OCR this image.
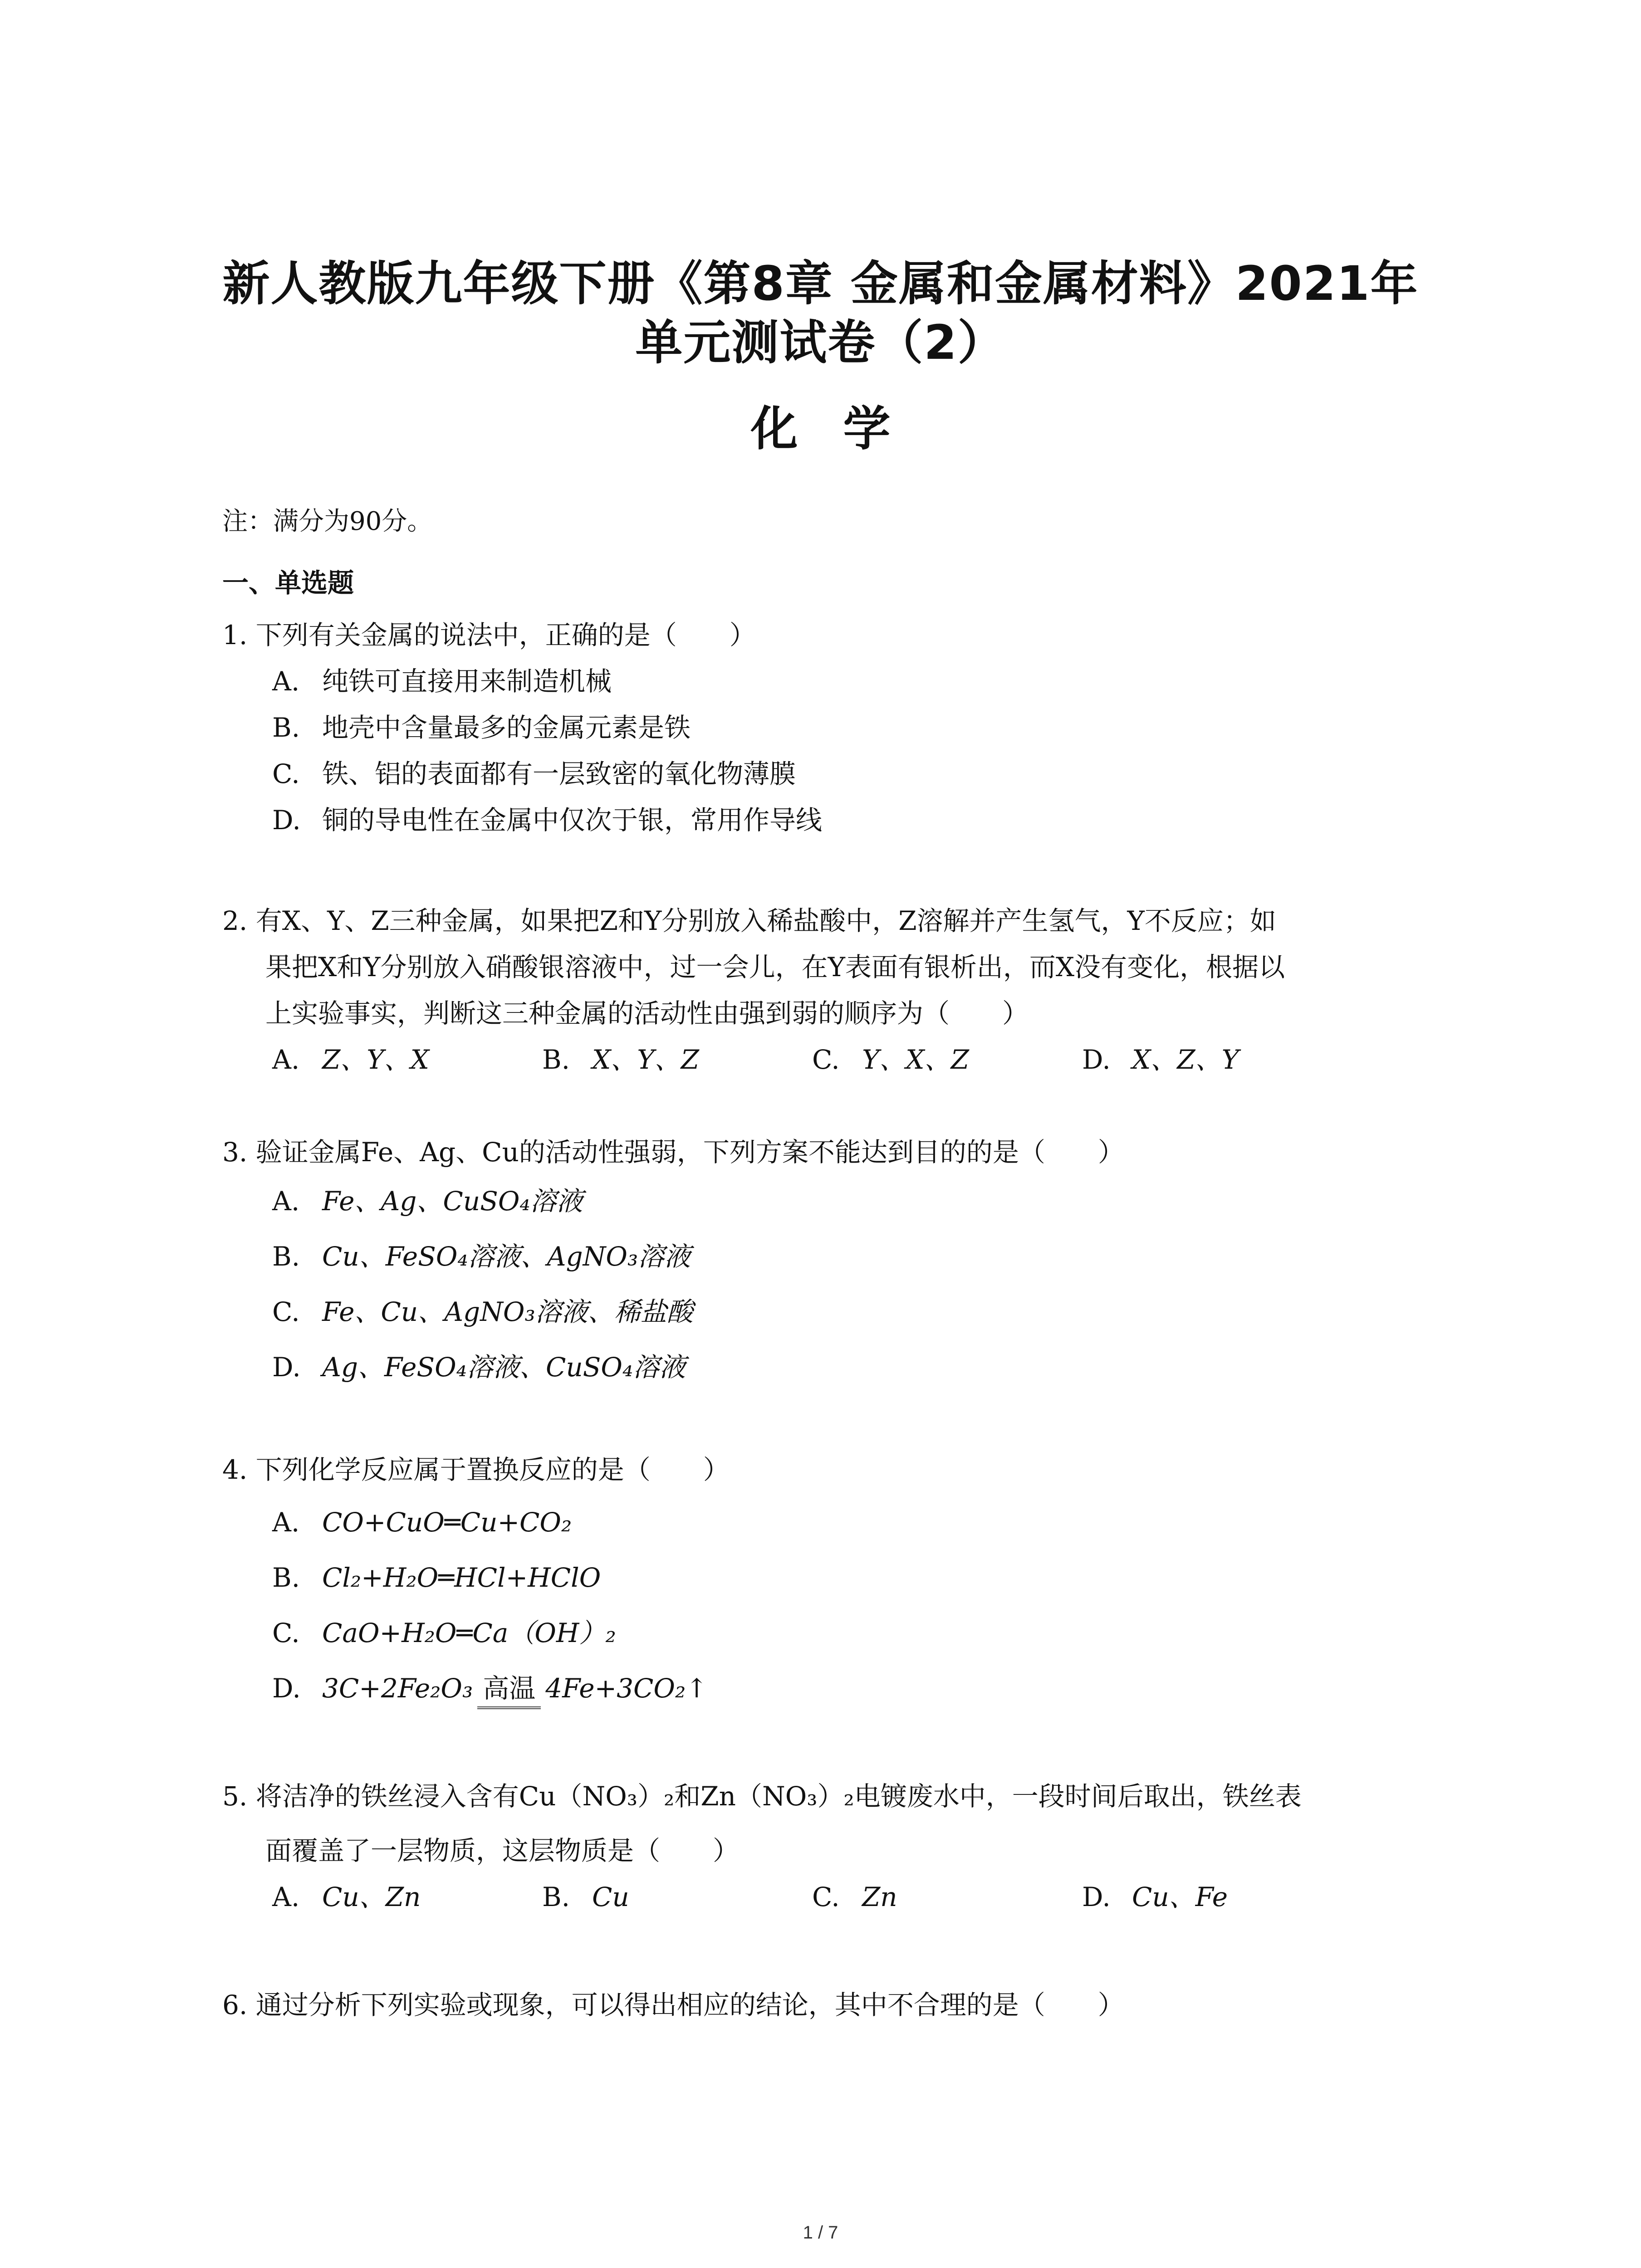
新人教版九年级下册《第8章 金属和金属材料》2021年
单元测试卷（2）
化学
注：满分为90分。
一、单选题
1. 下列有关金属的说法中，正确的是（　　）
A. 纯铁可直接用来制造机械
B. 地壳中含量最多的金属元素是铁
C. 铁、铝的表面都有一层致密的氧化物薄膜
D. 铜的导电性在金属中仅次于银，常用作导线
2. 有X、Y、Z三种金属，如果把Z和Y分别放入稀盐酸中，Z溶解并产生氢气，Y不反应；如
果把X和Y分别放入硝酸银溶液中，过一会儿，在Y表面有银析出，而X没有变化，根据以
上实验事实，判断这三种金属的活动性由强到弱的顺序为（　　）
A. Z、Y、X	B. X、Y、Z	C. Y、X、Z	D. X、Z、Y
3. 验证金属Fe、Ag、Cu的活动性强弱，下列方案不能达到目的的是（　　）
A. Fe、Ag、CuSO₄溶液
B. Cu、FeSO₄溶液、AgNO₃溶液
C. Fe、Cu、AgNO₃溶液、稀盐酸
D. Ag、FeSO₄溶液、CuSO₄溶液
4. 下列化学反应属于置换反应的是（　　）
A. CO+CuO═Cu+CO₂
B. Cl₂+H₂O═HCl+HClO
C. CaO+H₂O═Ca（OH）₂
D. 3C+2Fe₂O₃ 高温 4Fe+3CO₂↑
5. 将洁净的铁丝浸入含有Cu（NO₃）₂和Zn（NO₃）₂电镀废水中，一段时间后取出，铁丝表
面覆盖了一层物质，这层物质是（　　）
A. Cu、Zn	B. Cu	C. Zn	D. Cu、Fe
6. 通过分析下列实验或现象，可以得出相应的结论，其中不合理的是（　　）
1 / 7
